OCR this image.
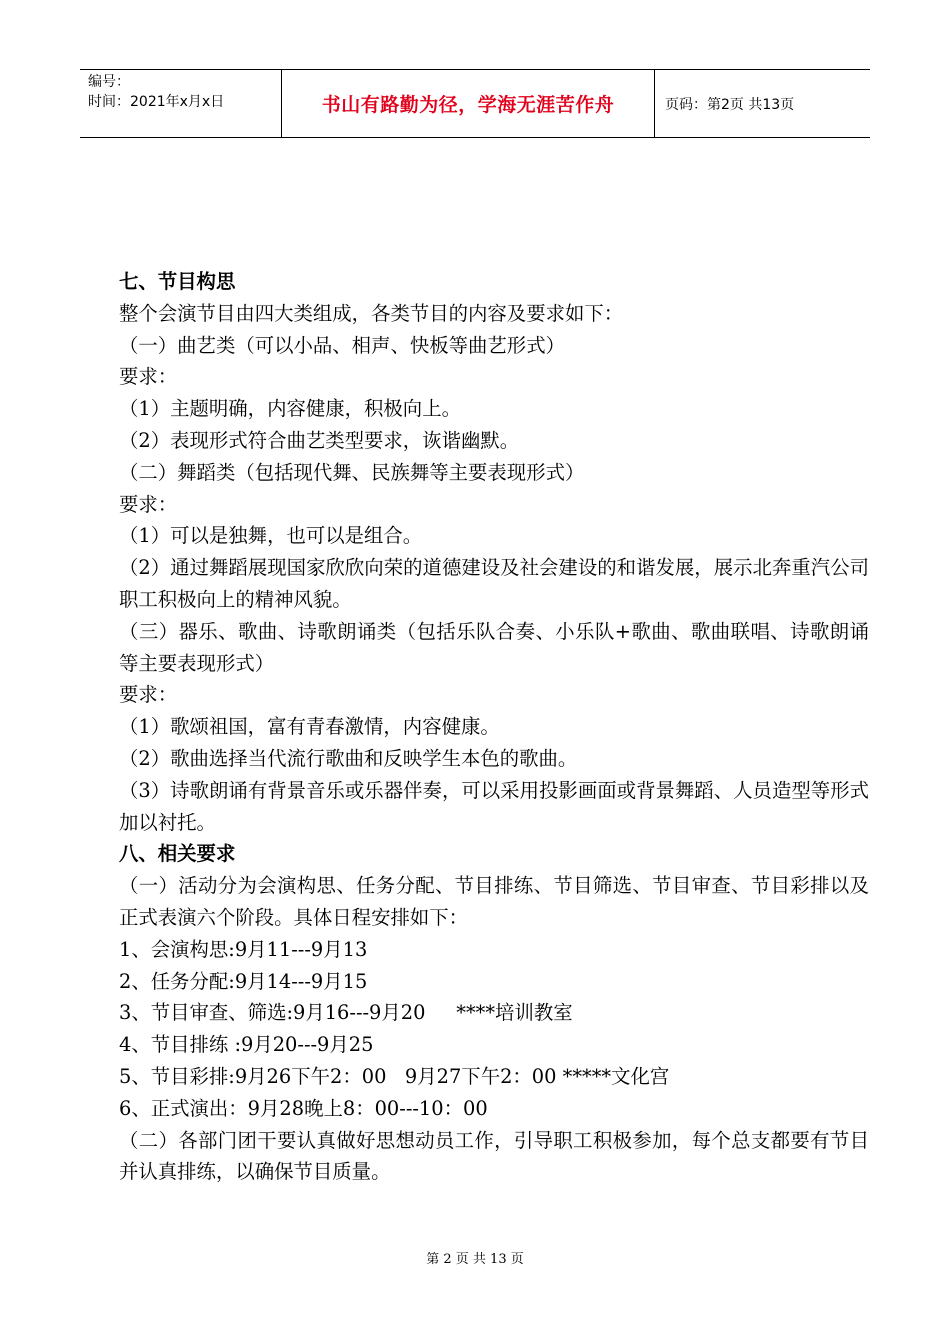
编号：
时间：2021年x月x日	书山有路勤为径，学海无涯苦作舟	页码：第2页 共13页
七、节目构思
整个会演节目由四大类组成，各类节目的内容及要求如下：
（一）曲艺类（可以小品、相声、快板等曲艺形式）
要求：
（1）主题明确，内容健康，积极向上。
（2）表现形式符合曲艺类型要求，诙谐幽默。
（二）舞蹈类（包括现代舞、民族舞等主要表现形式）
要求：
（1）可以是独舞，也可以是组合。
（2）通过舞蹈展现国家欣欣向荣的道德建设及社会建设的和谐发展，展示北奔重汽公司职工积极向上的精神风貌。
（三）器乐、歌曲、诗歌朗诵类（包括乐队合奏、小乐队+歌曲、歌曲联唱、诗歌朗诵等主要表现形式）
要求：
（1）歌颂祖国，富有青春激情，内容健康。
（2）歌曲选择当代流行歌曲和反映学生本色的歌曲。
（3）诗歌朗诵有背景音乐或乐器伴奏，可以采用投影画面或背景舞蹈、人员造型等形式加以衬托。
八、相关要求
（一）活动分为会演构思、任务分配、节目排练、节目筛选、节目审查、节目彩排以及正式表演六个阶段。具体日程安排如下：
1、会演构思:9月11---9月13
2、任务分配:9月14---9月15
3、节目审查、筛选:9月16---9月20     ****培训教室
4、节目排练 :9月20---9月25
5、节目彩排:9月26下午2：00   9月27下午2：00 *****文化宫
6、正式演出：9月28晚上8：00---10：00
（二）各部门团干要认真做好思想动员工作，引导职工积极参加，每个总支都要有节目并认真排练，以确保节目质量。
第 2 页 共 13 页
